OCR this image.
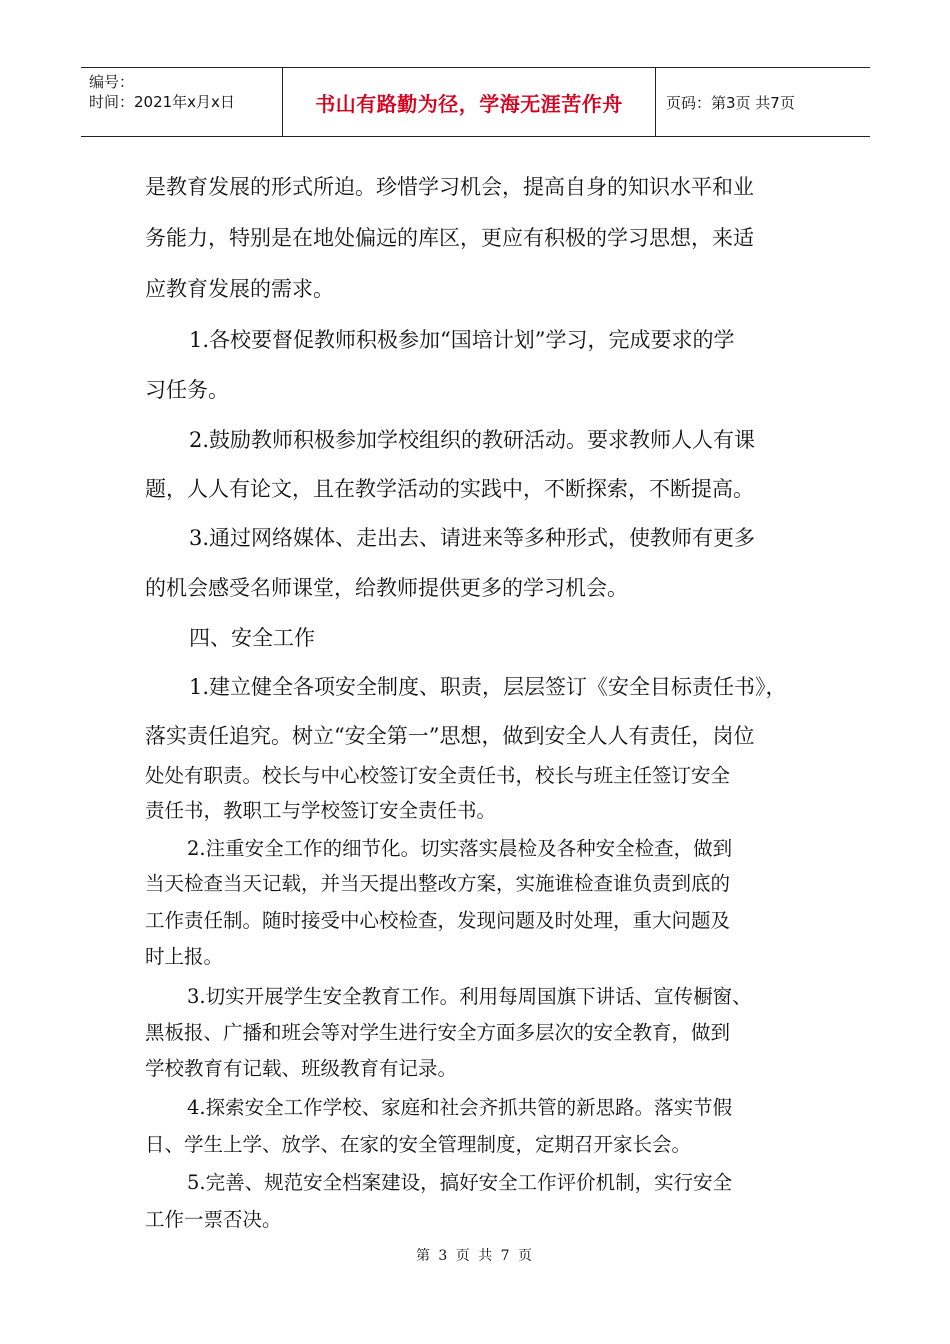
编号：
时间：2021年x月x日	书山有路勤为径，学海无涯苦作舟	页码：第3页 共7页
是教育发展的形式所迫。珍惜学习机会，提高自身的知识水平和业
务能力，特别是在地处偏远的库区，更应有积极的学习思想，来适
应教育发展的需求。
1.各校要督促教师积极参加“国培计划”学习，完成要求的学
习任务。
2.鼓励教师积极参加学校组织的教研活动。要求教师人人有课
题，人人有论文，且在教学活动的实践中，不断探索，不断提高。
3.通过网络媒体、走出去、请进来等多种形式，使教师有更多
的机会感受名师课堂，给教师提供更多的学习机会。
四、安全工作
1.建立健全各项安全制度、职责，层层签订《安全目标责任书》，
落实责任追究。树立“安全第一”思想，做到安全人人有责任，岗位
处处有职责。校长与中心校签订安全责任书，校长与班主任签订安全
责任书，教职工与学校签订安全责任书。
2.注重安全工作的细节化。切实落实晨检及各种安全检查，做到
当天检查当天记载，并当天提出整改方案，实施谁检查谁负责到底的
工作责任制。随时接受中心校检查，发现问题及时处理，重大问题及
时上报。
3.切实开展学生安全教育工作。利用每周国旗下讲话、宣传橱窗、
黑板报、广播和班会等对学生进行安全方面多层次的安全教育，做到
学校教育有记载、班级教育有记录。
4.探索安全工作学校、家庭和社会齐抓共管的新思路。落实节假
日、学生上学、放学、在家的安全管理制度，定期召开家长会。
5.完善、规范安全档案建设，搞好安全工作评价机制，实行安全
工作一票否决。
第 3 页 共 7 页
